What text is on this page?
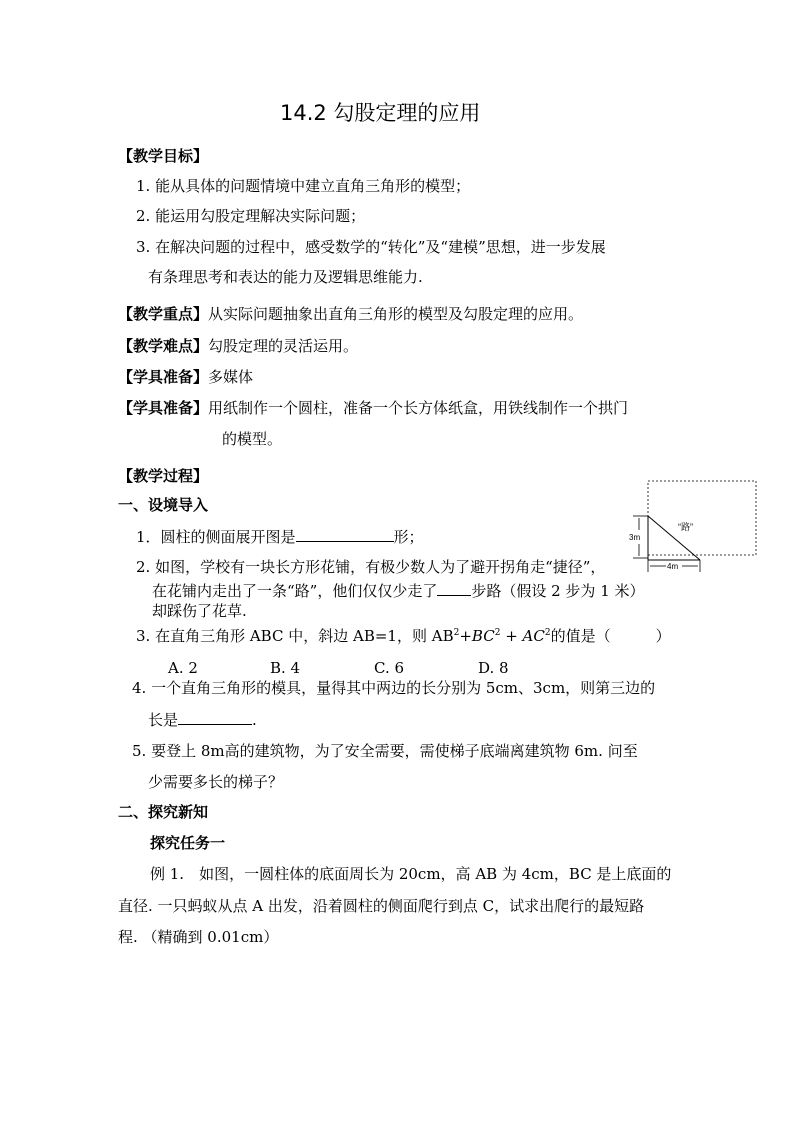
14.2 勾股定理的应用
【教学目标】
1. 能从具体的问题情境中建立直角三角形的模型；
2. 能运用勾股定理解决实际问题；
3. 在解决问题的过程中，感受数学的“转化”及“建模”思想，进一步发展
有条理思考和表达的能力及逻辑思维能力.
【教学重点】从实际问题抽象出直角三角形的模型及勾股定理的应用。
【教学难点】勾股定理的灵活运用。
【学具准备】多媒体
【学具准备】用纸制作一个圆柱，准备一个长方体纸盒，用铁线制作一个拱门
的模型。
【教学过程】
一、设境导入
1．圆柱的侧面展开图是	形；
2. 如图，学校有一块长方形花铺，有极少数人为了避开拐角走“捷径”，
在花铺内走出了一条“路”，他们仅仅少走了 步路（假设 2 步为 1 米）
却踩伤了花草.
3. 在直角三角形 ABC 中，斜边 AB=1，则 $AB^2+BC^2 + AC^2$的值是（　　　）
A. 2	B. 4	C. 6	D. 8
4. 一个直角三角形的模具，量得其中两边的长分别为 5cm、3cm，则第三边的
长是	.
5. 要登上 8m高的建筑物，为了安全需要，需使梯子底端离建筑物 6m. 问至
少需要多长的梯子？
二、探究新知
探究任务一
例 1.　如图，一圆柱体的底面周长为 20cm，高 AB 为 4cm，BC 是上底面的
直径. 一只蚂蚁从点 A 出发，沿着圆柱的侧面爬行到点 C，试求出爬行的最短路
程. （精确到 0.01cm）
3m
4m
“路”
